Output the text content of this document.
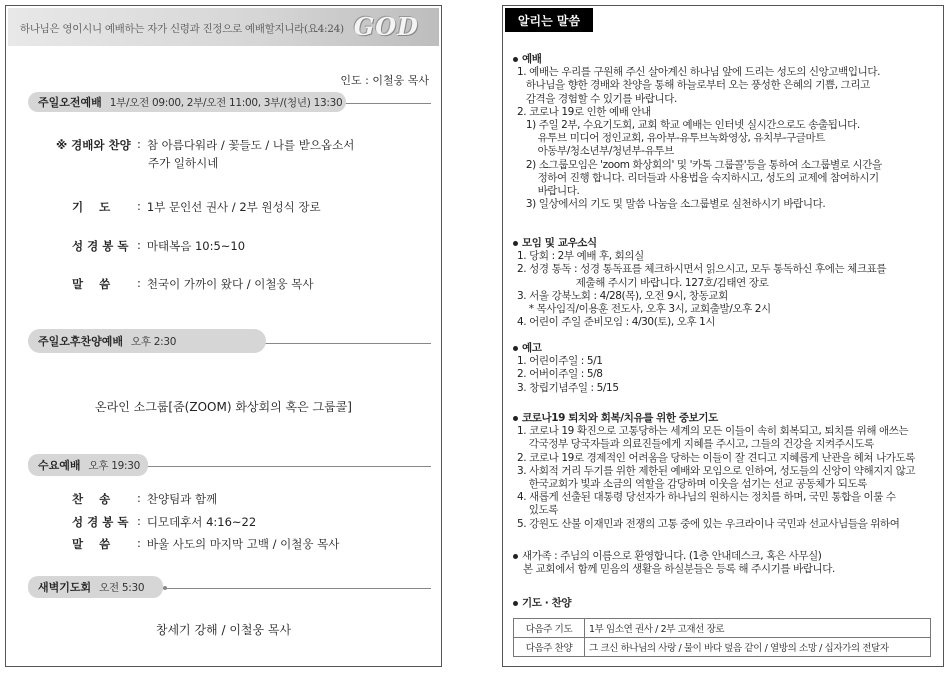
하나님은 영이시니 예배하는 자가 신령과 진정으로 예배할지니라(요4:24) GOD
인도 : 이철웅 목사
주일오전예배 1부/오전 09:00, 2부/오전 11:00, 3부/(청년) 13:30
※ 경배와 찬양 : 참 아름다워라 / 꽃들도 / 나를 받으옵소서
주가 일하시네
기    도	: 1부 문인선 권사 / 2부 원성식 장로
성 경 봉 독 : 마태복음 10:5~10
말    씀	: 천국이 가까이 왔다 / 이철웅 목사
주일오후찬양예배 오후 2:30
온라인 소그룹[줌(ZOOM) 화상회의 혹은 그룹콜]
수요예배 오후 19:30
찬    송	: 찬양팀과 함께
성 경 봉 독 : 디모데후서 4:16~22
말    씀	: 바울 사도의 마지막 고백 / 이철웅 목사
새벽기도회 오전 5:30
창세기 강해 / 이철웅 목사
알리는 말씀
예배
1. 예배는 우리를 구원해 주신 살아계신 하나님 앞에 드리는 성도의 신앙고백입니다.
하나님을 향한 경배와 찬양을 통해 하늘로부터 오는 풍성한 은혜의 기쁨, 그리고
감격을 경험할 수 있기를 바랍니다.
2. 코로나 19로 인한 예배 안내
1) 주일 2부, 수요기도회, 교회 학교 예배는 인터넷 실시간으로도 송출됩니다.
유투브 미디어 정인교회, 유아부-유투브녹화영상, 유치부-구글마트
아동부/청소년부/청년부-유투브
2) 소그룹모임은 'zoom 화상회의' 및 '카톡 그룹콜'등을 통하여 소그룹별로 시간을
정하여 진행 합니다. 리더들과 사용법을 숙지하시고, 성도의 교제에 참여하시기
바랍니다.
3) 일상에서의 기도 및 말씀 나눔을 소그룹별로 실천하시기 바랍니다.
모임 및 교우소식
1. 당회 : 2부 예배 후, 회의실
2. 성경 통독 : 성경 통독표를 체크하시면서 읽으시고, 모두 통독하신 후에는 체크표를
제출해 주시기 바랍니다. 127호/김태연 장로
3. 서울 강북노회 : 4/28(목), 오전 9시, 창동교회
* 목사임직/이용훈 전도사, 오후 3시, 교회출발/오후 2시
4. 어린이 주일 준비모임 : 4/30(토), 오후 1시
예고
1. 어린이주일 : 5/1
2. 어버이주일 : 5/8
3. 창립기념주일 : 5/15
코로나19 퇴치와 회복/치유를 위한 중보기도
1. 코로나 19 확진으로 고통당하는 세계의 모든 이들이 속히 회복되고, 퇴치를 위해 애쓰는
각국정부 당국자들과 의료진들에게 지혜를 주시고, 그들의 건강을 지켜주시도록
2. 코로나 19로 경제적인 어려움을 당하는 이들이 잘 견디고 지혜롭게 난관을 헤쳐 나가도록
3. 사회적 거리 두기를 위한 제한된 예배와 모임으로 인하여, 성도들의 신앙이 약해지지 않고
한국교회가 빛과 소금의 역할을 감당하며 이웃을 섬기는 선교 공동체가 되도록
4. 새롭게 선출된 대통령 당선자가 하나님의 원하시는 정치를 하며, 국민 통합을 이룰 수
있도록
5. 강원도 산불 이재민과 전쟁의 고통 중에 있는 우크라이나 국민과 선교사님들을 위하여
새가족 : 주님의 이름으로 환영합니다. (1층 안내데스크, 혹은 사무실)
본 교회에서 함께 믿음의 생활을 하실분들은 등록 해 주시기를 바랍니다.
기도 · 찬양
다음주 기도	1부 임소연 권사 / 2부 고재선 장로
다음주 찬양	그 크신 하나님의 사랑 / 물이 바다 덮음 같이 / 열방의 소망 / 십자가의 전달자
